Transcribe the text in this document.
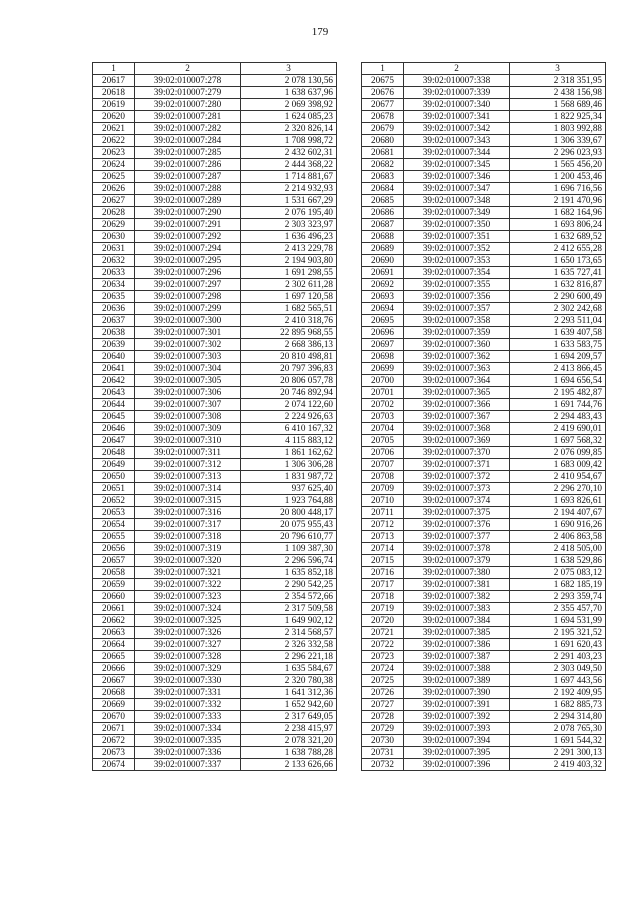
179
1	2	3
20617	39:02:010007:278	2 078 130,56
20618	39:02:010007:279	1 638 637,96
20619	39:02:010007:280	2 069 398,92
20620	39:02:010007:281	1 624 085,23
20621	39:02:010007:282	2 320 826,14
20622	39:02:010007:284	1 708 998,72
20623	39:02:010007:285	2 432 602,31
20624	39:02:010007:286	2 444 368,22
20625	39:02:010007:287	1 714 881,67
20626	39:02:010007:288	2 214 932,93
20627	39:02:010007:289	1 531 667,29
20628	39:02:010007:290	2 076 195,40
20629	39:02:010007:291	2 303 323,97
20630	39:02:010007:292	1 636 496,23
20631	39:02:010007:294	2 413 229,78
20632	39:02:010007:295	2 194 903,80
20633	39:02:010007:296	1 691 298,55
20634	39:02:010007:297	2 302 611,28
20635	39:02:010007:298	1 697 120,58
20636	39:02:010007:299	1 682 565,51
20637	39:02:010007:300	2 410 318,76
20638	39:02:010007:301	22 895 968,55
20639	39:02:010007:302	2 668 386,13
20640	39:02:010007:303	20 810 498,81
20641	39:02:010007:304	20 797 396,83
20642	39:02:010007:305	20 806 057,78
20643	39:02:010007:306	20 746 892,94
20644	39:02:010007:307	2 074 122,60
20645	39:02:010007:308	2 224 926,63
20646	39:02:010007:309	6 410 167,32
20647	39:02:010007:310	4 115 883,12
20648	39:02:010007:311	1 861 162,62
20649	39:02:010007:312	1 306 306,28
20650	39:02:010007:313	1 831 987,72
20651	39:02:010007:314	937 625,40
20652	39:02:010007:315	1 923 764,88
20653	39:02:010007:316	20 800 448,17
20654	39:02:010007:317	20 075 955,43
20655	39:02:010007:318	20 796 610,77
20656	39:02:010007:319	1 109 387,30
20657	39:02:010007:320	2 296 596,74
20658	39:02:010007:321	1 635 852,18
20659	39:02:010007:322	2 290 542,25
20660	39:02:010007:323	2 354 572,66
20661	39:02:010007:324	2 317 509,58
20662	39:02:010007:325	1 649 902,12
20663	39:02:010007:326	2 314 568,57
20664	39:02:010007:327	2 326 332,58
20665	39:02:010007:328	2 296 221,18
20666	39:02:010007:329	1 635 584,67
20667	39:02:010007:330	2 320 780,38
20668	39:02:010007:331	1 641 312,36
20669	39:02:010007:332	1 652 942,60
20670	39:02:010007:333	2 317 649,05
20671	39:02:010007:334	2 238 415,97
20672	39:02:010007:335	2 078 321,20
20673	39:02:010007:336	1 638 788,28
20674	39:02:010007:337	2 133 626,66
1	2	3
20675	39:02:010007:338	2 318 351,95
20676	39:02:010007:339	2 438 156,98
20677	39:02:010007:340	1 568 689,46
20678	39:02:010007:341	1 822 925,34
20679	39:02:010007:342	1 803 992,88
20680	39:02:010007:343	1 306 339,67
20681	39:02:010007:344	2 296 023,93
20682	39:02:010007:345	1 565 456,20
20683	39:02:010007:346	1 200 453,46
20684	39:02:010007:347	1 696 716,56
20685	39:02:010007:348	2 191 470,96
20686	39:02:010007:349	1 682 164,96
20687	39:02:010007:350	1 693 806,24
20688	39:02:010007:351	1 632 689,52
20689	39:02:010007:352	2 412 655,28
20690	39:02:010007:353	1 650 173,65
20691	39:02:010007:354	1 635 727,41
20692	39:02:010007:355	1 632 816,87
20693	39:02:010007:356	2 290 600,49
20694	39:02:010007:357	2 302 242,68
20695	39:02:010007:358	2 293 511,04
20696	39:02:010007:359	1 639 407,58
20697	39:02:010007:360	1 633 583,75
20698	39:02:010007:362	1 694 209,57
20699	39:02:010007:363	2 413 866,45
20700	39:02:010007:364	1 694 656,54
20701	39:02:010007:365	2 195 482,87
20702	39:02:010007:366	1 691 744,76
20703	39:02:010007:367	2 294 483,43
20704	39:02:010007:368	2 419 690,01
20705	39:02:010007:369	1 697 568,32
20706	39:02:010007:370	2 076 099,85
20707	39:02:010007:371	1 683 009,42
20708	39:02:010007:372	2 410 954,67
20709	39:02:010007:373	2 296 270,10
20710	39:02:010007:374	1 693 826,61
20711	39:02:010007:375	2 194 407,67
20712	39:02:010007:376	1 690 916,26
20713	39:02:010007:377	2 406 863,58
20714	39:02:010007:378	2 418 505,00
20715	39:02:010007:379	1 638 529,86
20716	39:02:010007:380	2 075 083,12
20717	39:02:010007:381	1 682 185,19
20718	39:02:010007:382	2 293 359,74
20719	39:02:010007:383	2 355 457,70
20720	39:02:010007:384	1 694 531,99
20721	39:02:010007:385	2 195 321,52
20722	39:02:010007:386	1 691 620,43
20723	39:02:010007:387	2 291 403,23
20724	39:02:010007:388	2 303 049,50
20725	39:02:010007:389	1 697 443,56
20726	39:02:010007:390	2 192 409,95
20727	39:02:010007:391	1 682 885,73
20728	39:02:010007:392	2 294 314,80
20729	39:02:010007:393	2 078 765,30
20730	39:02:010007:394	1 691 544,32
20731	39:02:010007:395	2 291 300,13
20732	39:02:010007:396	2 419 403,32
